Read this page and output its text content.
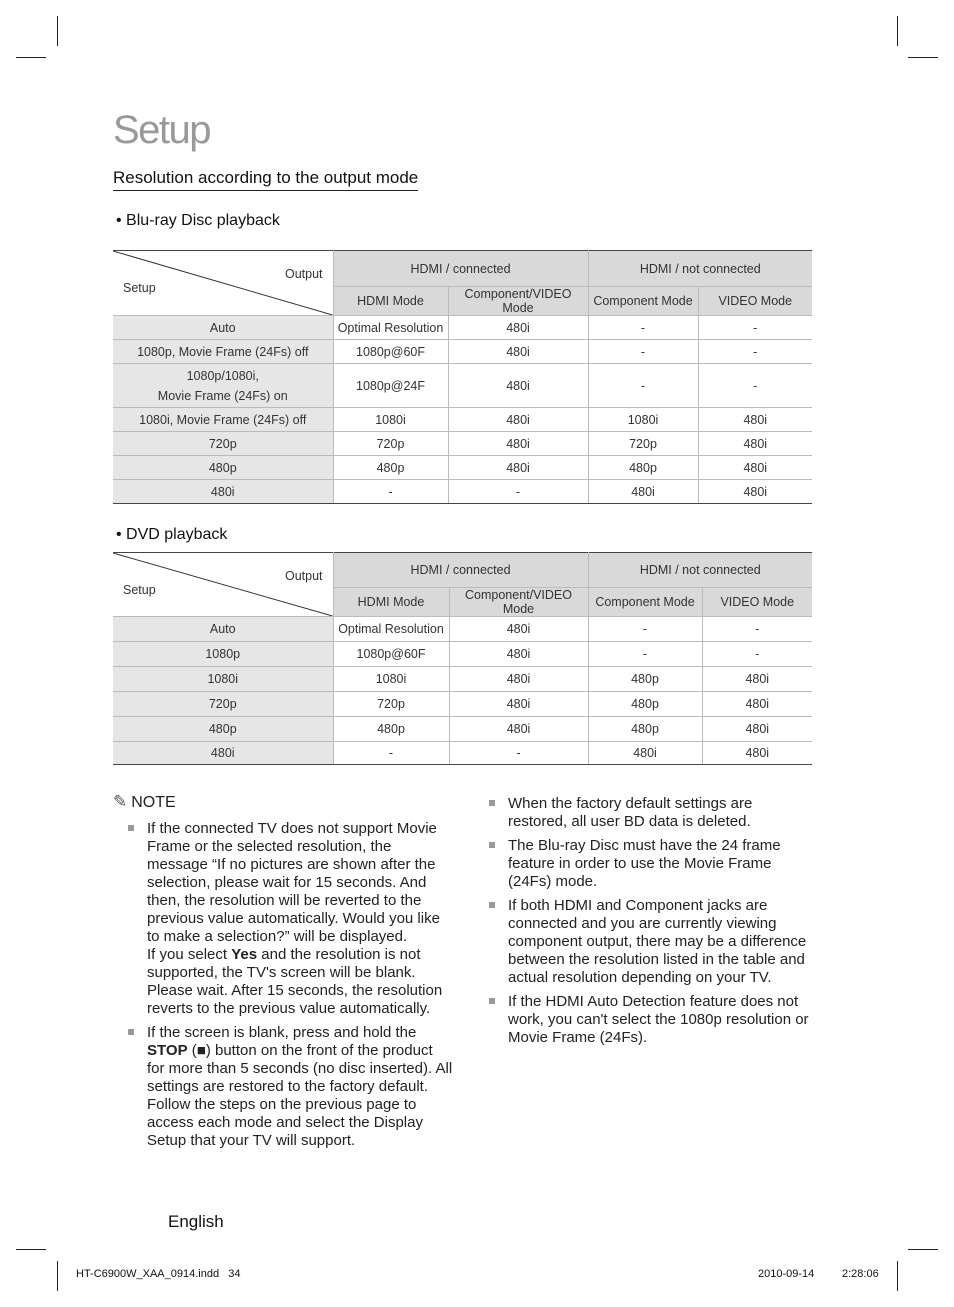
Setup
Resolution according to the output mode
• Blu-ray Disc playback
Output
Setup	HDMI / connected		HDMI / not connected	
	HDMI Mode	Component/VIDEO Mode	Component Mode	VIDEO Mode
Auto	Optimal Resolution	480i	-	-
1080p, Movie Frame (24Fs) off	1080p@60F	480i	-	-
1080p/1080i,
Movie Frame (24Fs) on	1080p@24F	480i	-	-
1080i, Movie Frame (24Fs) off	1080i	480i	1080i	480i
720p	720p	480i	720p	480i
480p	480p	480i	480p	480i
480i	-	-	480i	480i
• DVD playback
Output
Setup	HDMI / connected		HDMI / not connected	
	HDMI Mode	Component/VIDEO Mode	Component Mode	VIDEO Mode
Auto	Optimal Resolution	480i	-	-
1080p	1080p@60F	480i	-	-
1080i	1080i	480i	480p	480i
720p	720p	480i	480p	480i
480p	480p	480i	480p	480i
480i	-	-	480i	480i
✎ NOTE

If the connected TV does not support Movie Frame or the selected resolution, the message “If no pictures are shown after the selection, please wait for 15 seconds. And then, the resolution will be reverted to the previous value automatically. Would you like to make a selection?” will be displayed.

If you select Yes and the resolution is not supported, the TV's screen will be blank. Please wait. After 15 seconds, the resolution reverts to the previous value automatically.

If the screen is blank, press and hold the STOP (■) button on the front of the product for more than 5 seconds (no disc inserted). All settings are restored to the factory default. Follow the steps on the previous page to access each mode and select the Display Setup that your TV will support.

When the factory default settings are restored, all user BD data is deleted.

The Blu-ray Disc must have the 24 frame feature in order to use the Movie Frame (24Fs) mode.

If both HDMI and Component jacks are connected and you are currently viewing component output, there may be a difference between the resolution listed in the table and actual resolution depending on your TV.

If the HDMI Auto Detection feature does not work, you can't select the 1080p resolution or Movie Frame (24Fs).

English
HT-C6900W_XAA_0914.indd   34	2010-09-14	2:28:06
